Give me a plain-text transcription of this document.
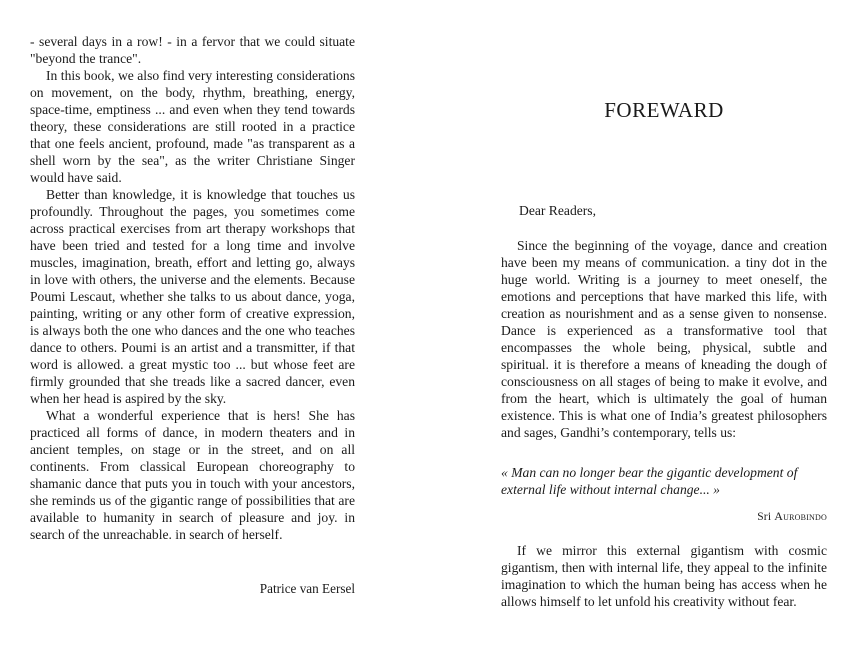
- several days in a row! - in a fervor that we could situate "beyond the trance".

In this book, we also find very interesting considerations on movement, on the body, rhythm, breathing, energy, space-time, emptiness ... and even when they tend towards theory, these considerations are still rooted in a practice that one feels ancient, profound, made "as transparent as a shell worn by the sea", as the writer Christiane Singer would have said.

Better than knowledge, it is knowledge that touches us profoundly. Throughout the pages, you sometimes come across practical exercises from art therapy workshops that have been tried and tested for a long time and involve muscles, imagination, breath, effort and letting go, always in love with others, the universe and the elements. Because Poumi Lescaut, whether she talks to us about dance, yoga, painting, writing or any other form of creative expression, is always both the one who dances and the one who teaches dance to others. Poumi is an artist and a transmitter, if that word is allowed. a great mystic too ... but whose feet are firmly grounded that she treads like a sacred dancer, even when her head is aspired by the sky.

What a wonderful experience that is hers! She has practiced all forms of dance, in modern theaters and in ancient temples, on stage or in the street, and on all continents. From classical European choreography to shamanic dance that puts you in touch with your ancestors, she reminds us of the gigantic range of possibilities that are available to humanity in search of pleasure and joy. in search of the unreachable. in search of herself.

Patrice van Eersel
FOREWARD
Dear Readers,

Since the beginning of the voyage, dance and creation have been my means of communication. a tiny dot in the huge world. Writing is a journey to meet oneself, the emotions and perceptions that have marked this life, with creation as nourishment and as a sense given to nonsense. Dance is experienced as a transformative tool that encompasses the whole being, physical, subtle and spiritual. it is therefore a means of kneading the dough of consciousness on all stages of being to make it evolve, and from the heart, which is ultimately the goal of human existence. This is what one of India’s greatest philosophers and sages, Gandhi’s contemporary, tells us:

« Man can no longer bear the gigantic development of external life without internal change... »
Sri Aurobindo

If we mirror this external gigantism with cosmic gigantism, then with internal life, they appeal to the infinite imagination to which the human being has access when he allows himself to let unfold his creativity without fear.
